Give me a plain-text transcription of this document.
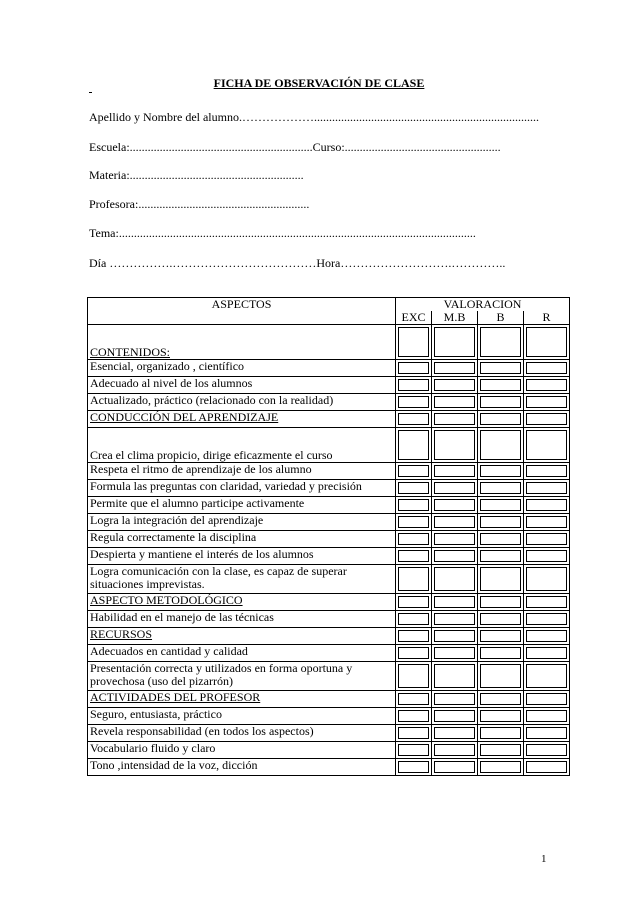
FICHA DE OBSERVACIÓN DE CLASE
Apellido y Nombre del alumno.………………...........................................................................
Escuela:.............................................................Curso:....................................................
Materia:..........................................................
Profesora:.........................................................
Tema:.......................................................................................................................
Día …………….………………………………Hora……………………….…………..
ASPECTOS	VALORACION			
	EXC	M.B	B	R
CONTENIDOS:	

Esencial, organizado , científico	

Adecuado al nivel de los alumnos	

Actualizado, práctico (relacionado con la realidad)	

CONDUCCIÓN DEL APRENDIZAJE	

Crea el clima propicio, dirige eficazmente el curso	

Respeta el ritmo de aprendizaje de los alumno	

Formula las preguntas con claridad, variedad y precisión	

Permite que el alumno participe activamente	

Logra la integración del aprendizaje	

Regula correctamente la disciplina	

Despierta y mantiene el interés de los alumnos	

Logra comunicación con la clase, es capaz de superar situaciones imprevistas.	

ASPECTO METODOLÓGICO	

Habilidad en el manejo de las técnicas	

RECURSOS	

Adecuados en cantidad y calidad	

Presentación correcta y utilizados en forma oportuna y provechosa (uso del pizarrón)	

ACTIVIDADES DEL PROFESOR	

Seguro, entusiasta, práctico	

Revela responsabilidad (en todos los aspectos)	

Vocabulario fluido y claro	

Tono ,intensidad de la voz, dicción	

1
